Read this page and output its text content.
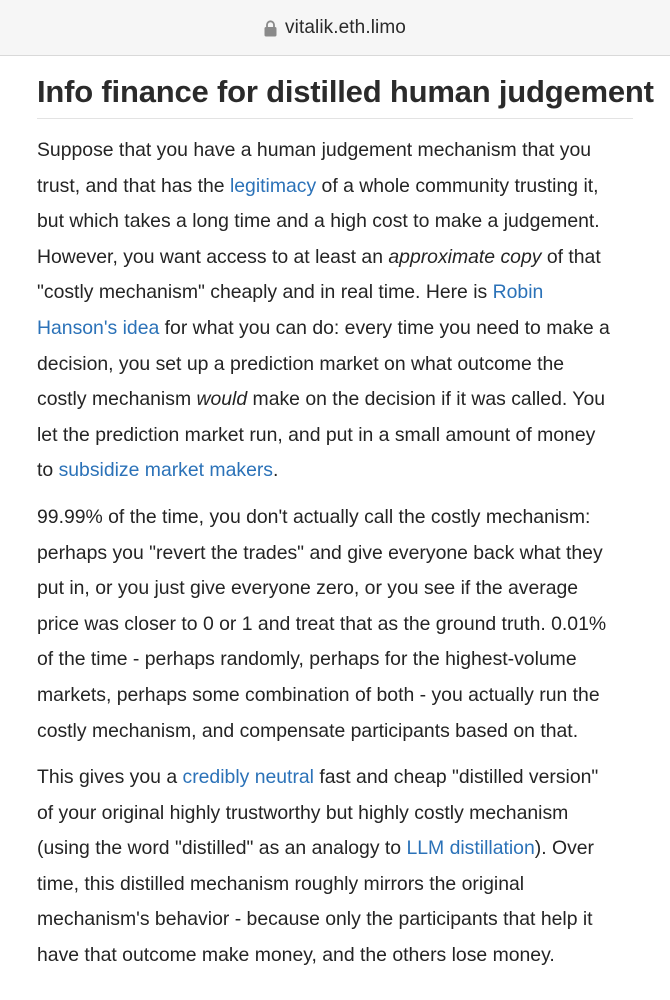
vitalik.eth.limo
Info finance for distilled human judgement

Suppose that you have a human judgement mechanism that you
trust, and that has the legitimacy of a whole community trusting it,
but which takes a long time and a high cost to make a judgement.
However, you want access to at least an approximate copy of that
"costly mechanism" cheaply and in real time. Here is Robin
Hanson's idea for what you can do: every time you need to make a
decision, you set up a prediction market on what outcome the
costly mechanism would make on the decision if it was called. You
let the prediction market run, and put in a small amount of money
to subsidize market makers.

99.99% of the time, you don't actually call the costly mechanism:
perhaps you "revert the trades" and give everyone back what they
put in, or you just give everyone zero, or you see if the average
price was closer to 0 or 1 and treat that as the ground truth. 0.01%
of the time - perhaps randomly, perhaps for the highest-volume
markets, perhaps some combination of both - you actually run the
costly mechanism, and compensate participants based on that.

This gives you a credibly neutral fast and cheap "distilled version"
of your original highly trustworthy but highly costly mechanism
(using the word "distilled" as an analogy to LLM distillation). Over
time, this distilled mechanism roughly mirrors the original
mechanism's behavior - because only the participants that help it
have that outcome make money, and the others lose money.
